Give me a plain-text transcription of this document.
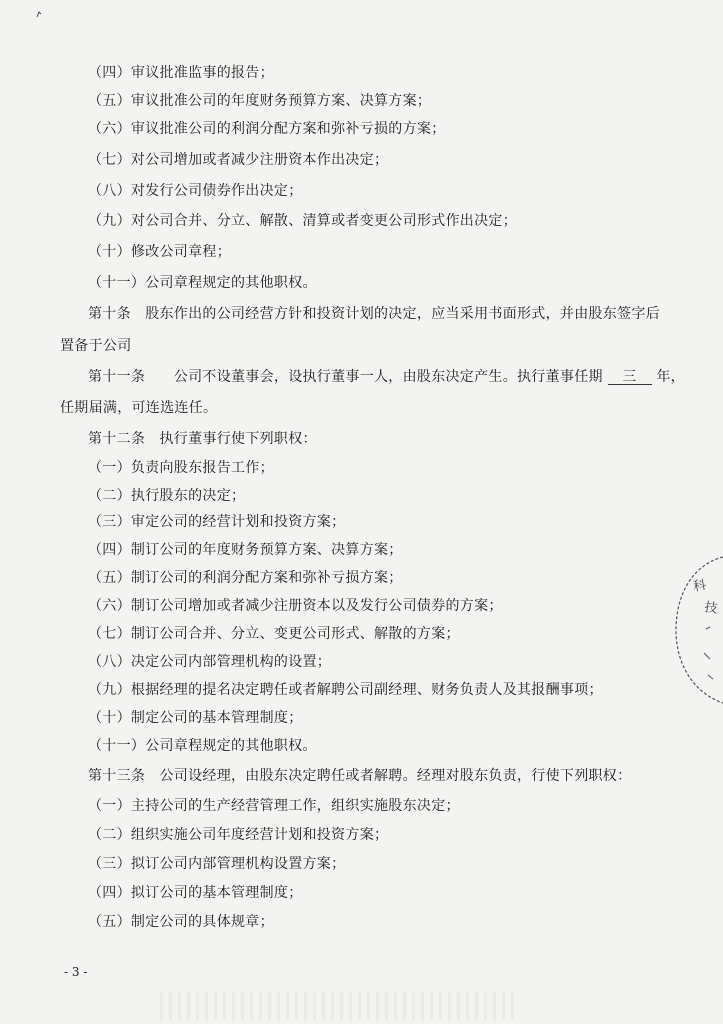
（四）审议批准监事的报告；
（五）审议批准公司的年度财务预算方案、决算方案；
（六）审议批准公司的利润分配方案和弥补亏损的方案；
（七）对公司增加或者减少注册资本作出决定；
（八）对发行公司债券作出决定；
（九）对公司合并、分立、解散、清算或者变更公司形式作出决定；
（十）修改公司章程；
（十一）公司章程规定的其他职权。
第十条　股东作出的公司经营方针和投资计划的决定，应当采用书面形式，并由股东签字后
置备于公司
第十一条　　公司不设董事会，设执行董事一人，由股东决定产生。执行董事任期 三 年，
任期届满，可连选连任。
第十二条　执行董事行使下列职权：
（一）负责向股东报告工作；
（二）执行股东的决定；
（三）审定公司的经营计划和投资方案；
（四）制订公司的年度财务预算方案、决算方案；
（五）制订公司的利润分配方案和弥补亏损方案；
（六）制订公司增加或者减少注册资本以及发行公司债券的方案；
（七）制订公司合并、分立、变更公司形式、解散的方案；
（八）决定公司内部管理机构的设置；
（九）根据经理的提名决定聘任或者解聘公司副经理、财务负责人及其报酬事项；
（十）制定公司的基本管理制度；
（十一）公司章程规定的其他职权。
第十三条　公司设经理，由股东决定聘任或者解聘。经理对股东负责，行使下列职权：
（一）主持公司的生产经营管理工作，组织实施股东决定；
（二）组织实施公司年度经营计划和投资方案；
（三）拟订公司内部管理机构设置方案；
（四）拟订公司的基本管理制度；
（五）制定公司的具体规章；
- 3 -
科
技
